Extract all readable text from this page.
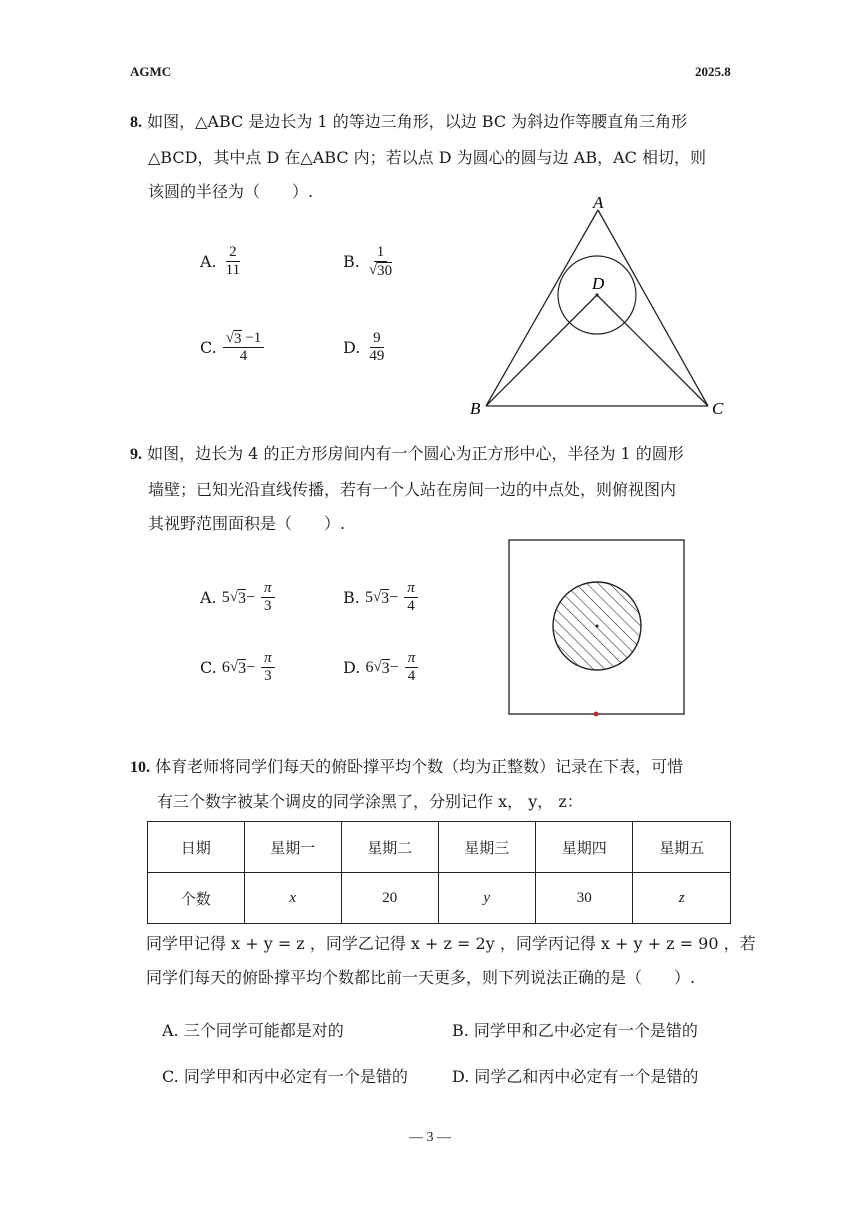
AGMC	2025.8
8. 如图，△ABC 是边长为 1 的等边三角形，以边 BC 为斜边作等腰直角三角形
△BCD，其中点 D 在△ABC 内；若以点 D 为圆心的圆与边 AB，AC 相切，则
该圆的半径为（　　）.
A. $\frac{2}{11}$	B. $\frac{1}{√ 30}$
C. $\frac{√ 3 -1}{4}$	D. $\frac{9}{49}$
A
D
B	C
9. 如图，边长为 4 的正方形房间内有一个圆心为正方形中心，半径为 1 的圆形
墙壁；已知光沿直线传播，若有一个人站在房间一边的中点处，则俯视图内
其视野范围面积是（　　）.
A.
5 √ $3 - \frac{\pi}{3}$	B.
5 √ $3 - \frac{\pi}{4}$
C.
6 √ $3 - \frac{\pi}{3}$	D.
6 √ $3 - \frac{\pi}{4}$
10. 体育老师将同学们每天的俯卧撑平均个数（均为正整数）记录在下表，可惜
有三个数字被某个调皮的同学涂黑了，分别记作 x， y， z：
日期	星期一	星期二	星期三	星期四	星期五
个数	x	20	y	30	z
同学甲记得 x + y = z ，同学乙记得 x + z = 2y ，同学丙记得 x + y + z = 90 ，若
同学们每天的俯卧撑平均个数都比前一天更多，则下列说法正确的是（　　）.
A. 三个同学可能都是对的	B. 同学甲和乙中必定有一个是错的
C. 同学甲和丙中必定有一个是错的	D. 同学乙和丙中必定有一个是错的
— 3 —
